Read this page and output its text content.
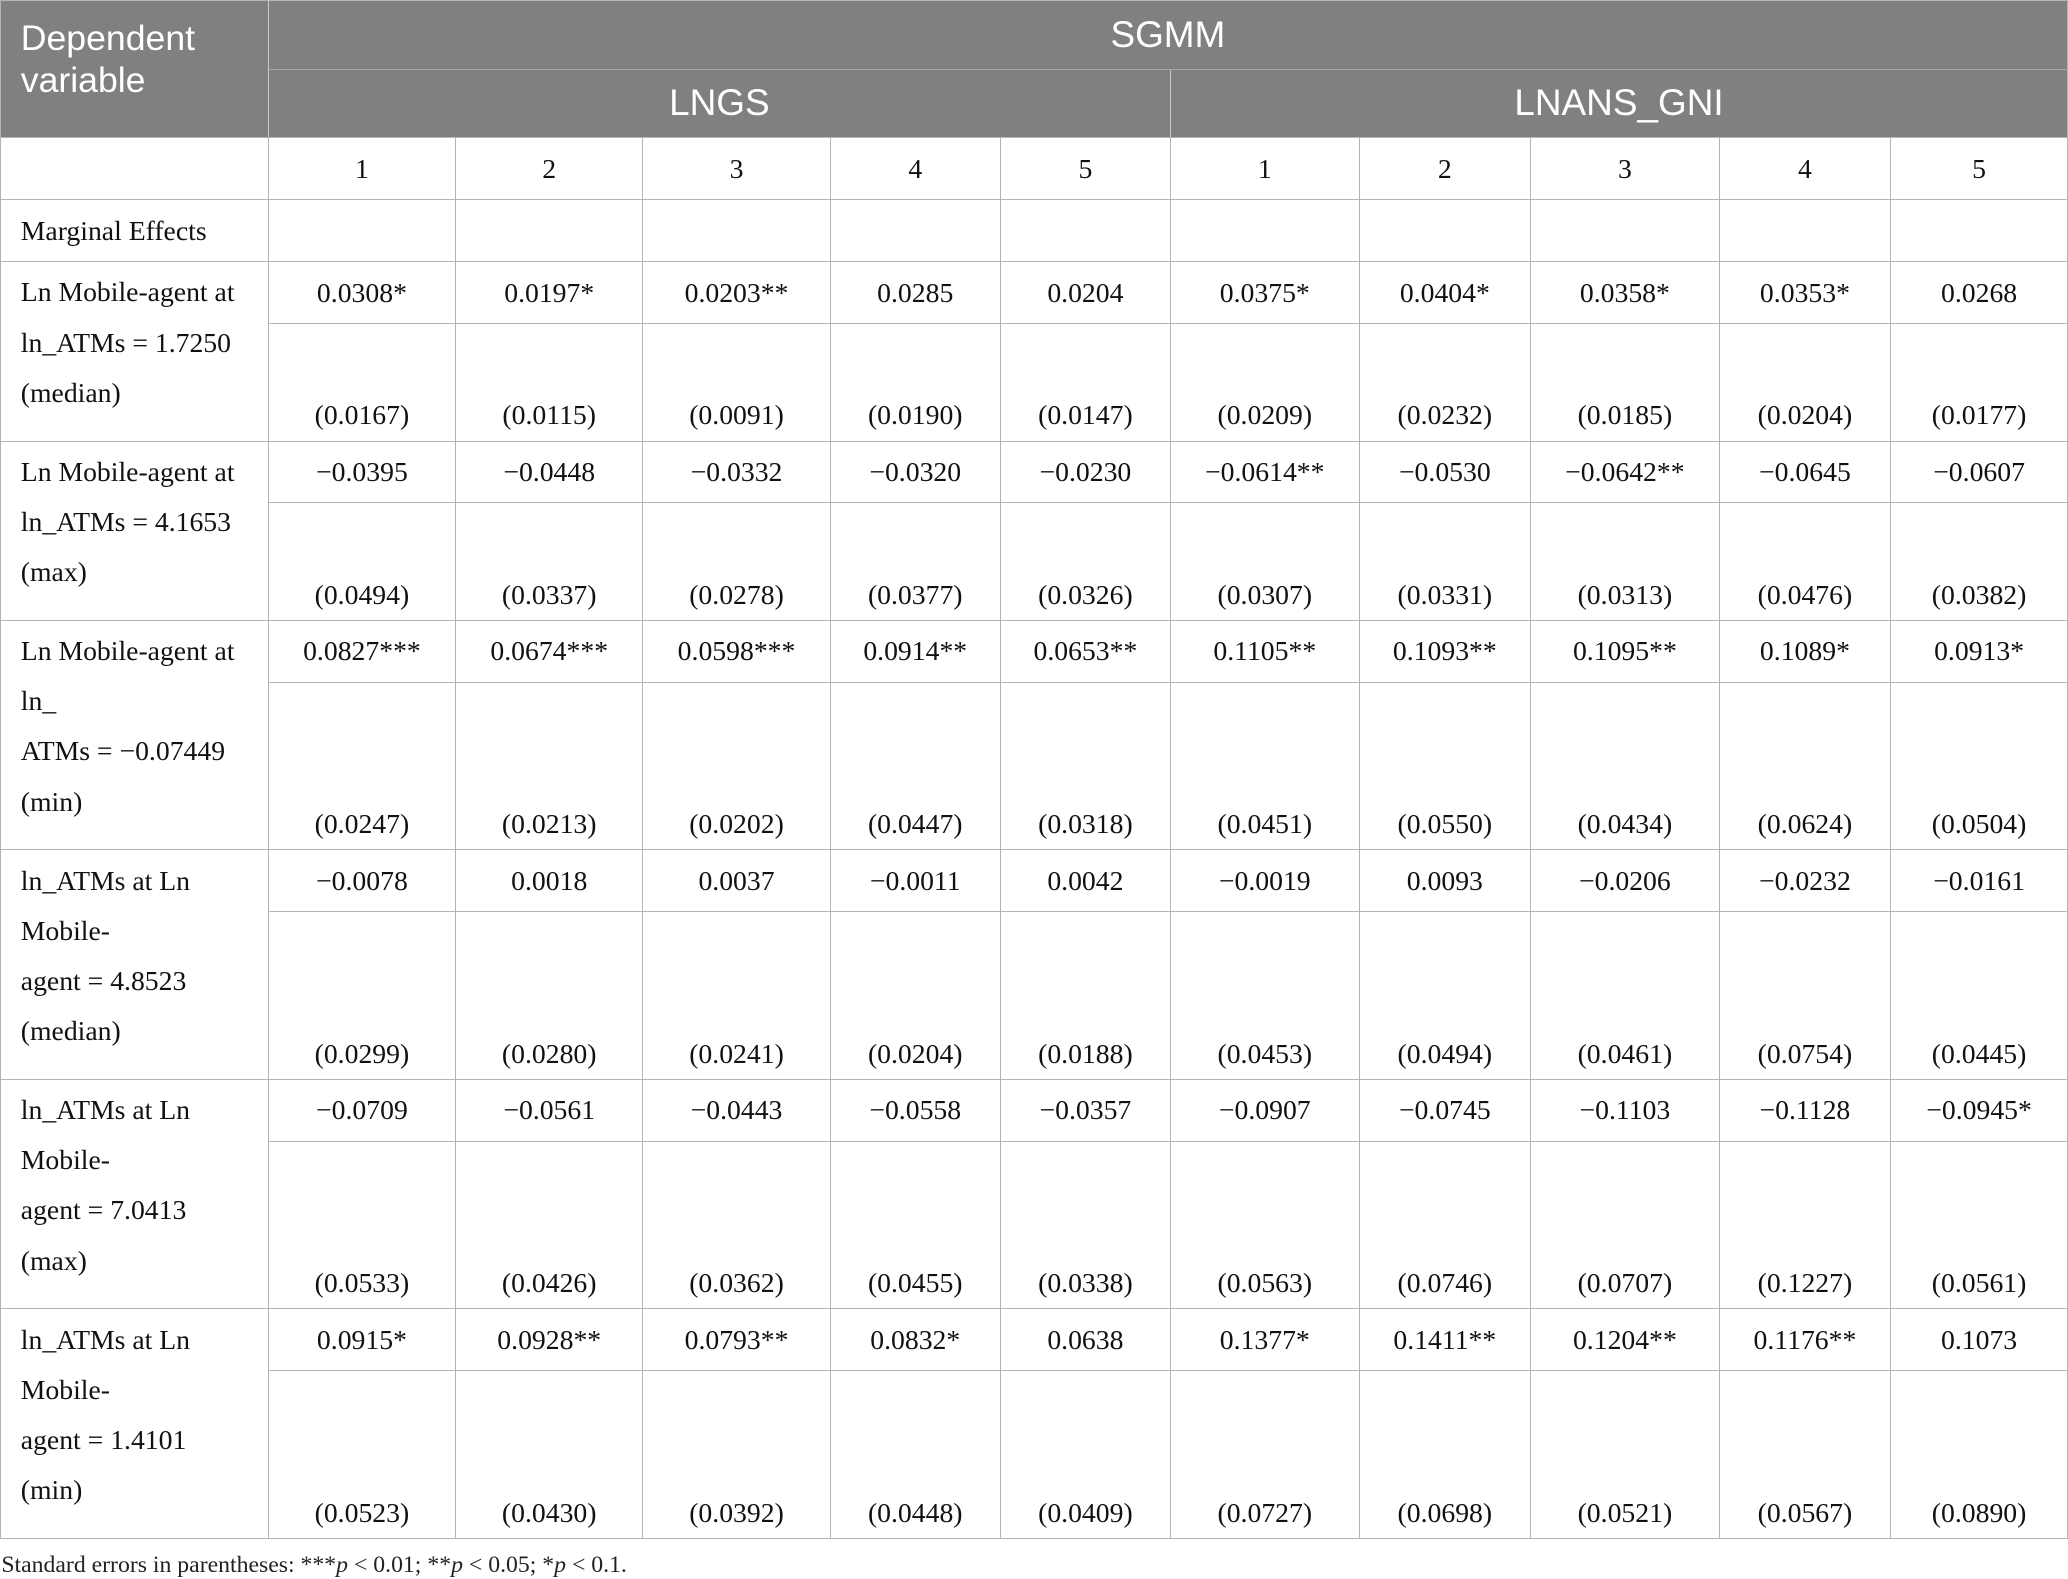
Dependent variable	SGMM									
	LNGS					LNANS_GNI				
	1	2	3	4	5	1	2	3	4	5
Marginal Effects										

Ln Mobile-agent at
ln_ATMs = 1.7250
(median)	0.0308*	0.0197*	0.0203**	0.0285	0.0204	0.0375*	0.0404*	0.0358*	0.0353*	0.0268
	(0.0167)	(0.0115)	(0.0091)	(0.0190)	(0.0147)	(0.0209)	(0.0232)	(0.0185)	(0.0204)	(0.0177)

Ln Mobile-agent at
ln_ATMs = 4.1653
(max)	−0.0395	−0.0448	−0.0332	−0.0320	−0.0230	−0.0614**	−0.0530	−0.0642**	−0.0645	−0.0607
	(0.0494)	(0.0337)	(0.0278)	(0.0377)	(0.0326)	(0.0307)	(0.0331)	(0.0313)	(0.0476)	(0.0382)

Ln Mobile-agent at
ln_
ATMs = −0.07449
(min)	0.0827***	0.0674***	0.0598***	0.0914**	0.0653**	0.1105**	0.1093**	0.1095**	0.1089*	0.0913*
	(0.0247)	(0.0213)	(0.0202)	(0.0447)	(0.0318)	(0.0451)	(0.0550)	(0.0434)	(0.0624)	(0.0504)

ln_ATMs at Ln
Mobile-
agent = 4.8523
(median)	−0.0078	0.0018	0.0037	−0.0011	0.0042	−0.0019	0.0093	−0.0206	−0.0232	−0.0161
	(0.0299)	(0.0280)	(0.0241)	(0.0204)	(0.0188)	(0.0453)	(0.0494)	(0.0461)	(0.0754)	(0.0445)

ln_ATMs at Ln
Mobile-
agent = 7.0413
(max)	−0.0709	−0.0561	−0.0443	−0.0558	−0.0357	−0.0907	−0.0745	−0.1103	−0.1128	−0.0945*
	(0.0533)	(0.0426)	(0.0362)	(0.0455)	(0.0338)	(0.0563)	(0.0746)	(0.0707)	(0.1227)	(0.0561)

ln_ATMs at Ln
Mobile-
agent = 1.4101
(min)	0.0915*	0.0928**	0.0793**	0.0832*	0.0638	0.1377*	0.1411**	0.1204**	0.1176**	0.1073
	(0.0523)	(0.0430)	(0.0392)	(0.0448)	(0.0409)	(0.0727)	(0.0698)	(0.0521)	(0.0567)	(0.0890)
Standard errors in parentheses: ***p < 0.01; **p < 0.05; *p < 0.1.
